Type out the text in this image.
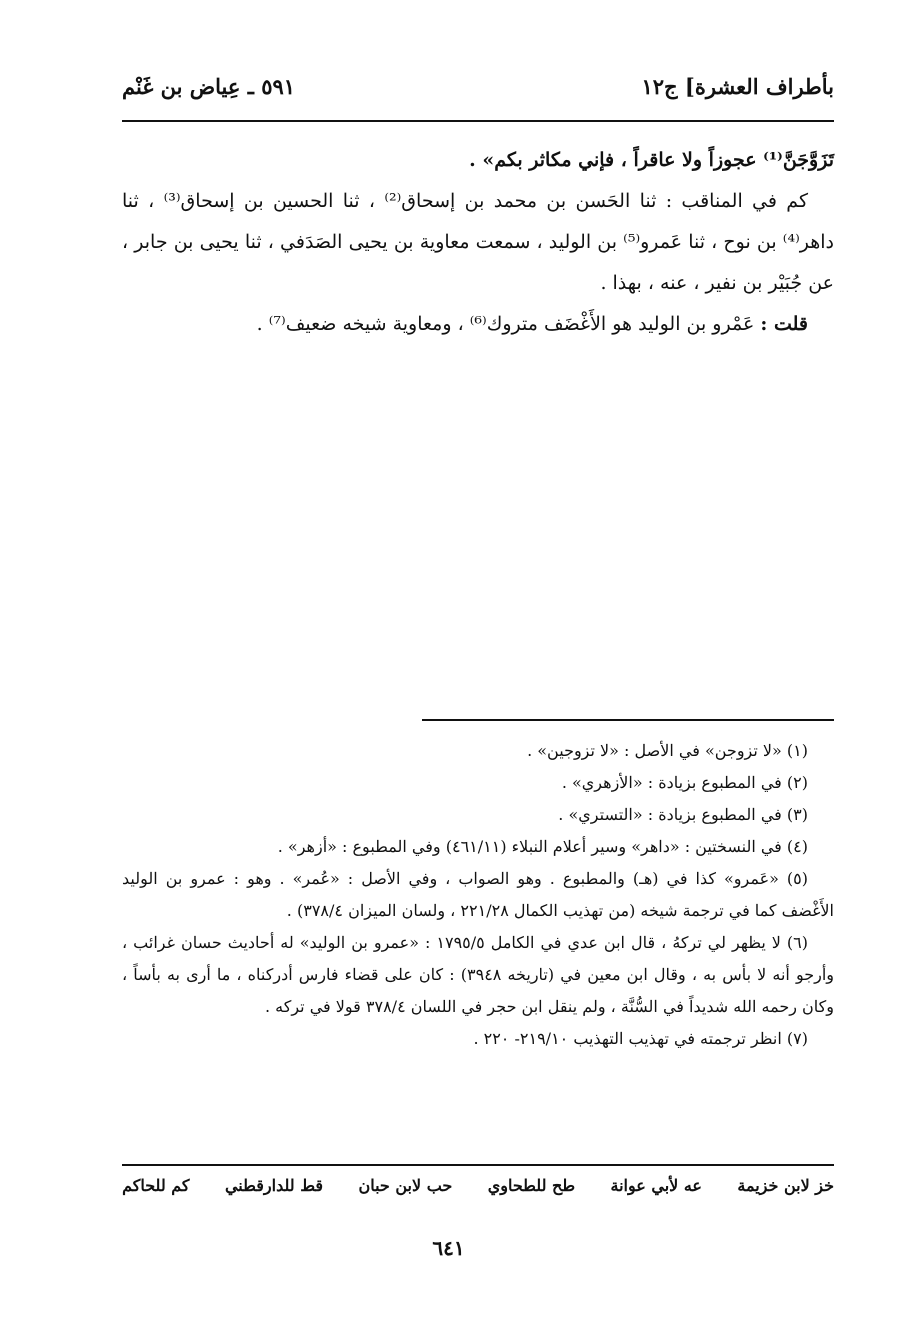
بأطراف العشرة] ج١٢
٥٩١ ـ عِياض بن غَنْم

تَزَوَّجَنَّ⁽¹⁾ عجوزاً ولا عاقراً ، فإني مكاثر بكم» .

كم في المناقب : ثنا الحَسن بن محمد بن إسحاق⁽²⁾ ، ثنا الحسين بن إسحاق⁽³⁾ ، ثنا داهر⁽⁴⁾ بن نوح ، ثنا عَمرو⁽⁵⁾ بن الوليد ، سمعت معاوية بن يحيى الصَدَفي ، ثنا يحيى بن جابر ، عن جُبَيْر بن نفير ، عنه ، بهذا .

قلت : عَمْرو بن الوليد هو الأَغْضَف متروك⁽⁶⁾ ، ومعاوية شيخه ضعيف⁽⁷⁾ .

(١) «لا تزوجن» في الأصل : «لا تزوجين» .

(٢) في المطبوع بزيادة : «الأزهري» .

(٣) في المطبوع بزيادة : «التستري» .

(٤) في النسختين : «داهر» وسير أعلام النبلاء (٤٦١/١١) وفي المطبوع : «أزهر» .

(٥) «عَمرو» كذا في (هـ) والمطبوع . وهو الصواب ، وفي الأصل : «عُمر» . وهو : عمرو بن الوليد الأَغْضف كما في ترجمة شيخه (من تهذيب الكمال ٢٢١/٢٨ ، ولسان الميزان ٣٧٨/٤) .

(٦) لا يظهر لي تركهُ ، قال ابن عدي في الكامل ١٧٩٥/٥ : «عمرو بن الوليد» له أحاديث حسان غرائب ، وأرجو أنه لا بأس به ، وقال ابن معين في (تاريخه ٣٩٤٨) : كان على قضاء فارس أدركناه ، ما أرى به بأساً ، وكان رحمه الله شديداً في السُّنَّة ، ولم ينقل ابن حجر في اللسان ٣٧٨/٤ قولا في تركه .

(٧) انظر ترجمته في تهذيب التهذيب ٢١٩/١٠- ٢٢٠ .

خز لابن خزيمة
عه لأبي عوانة
طح للطحاوي
حب لابن حبان
قط للدارقطني
كم للحاكم
٦٤١
